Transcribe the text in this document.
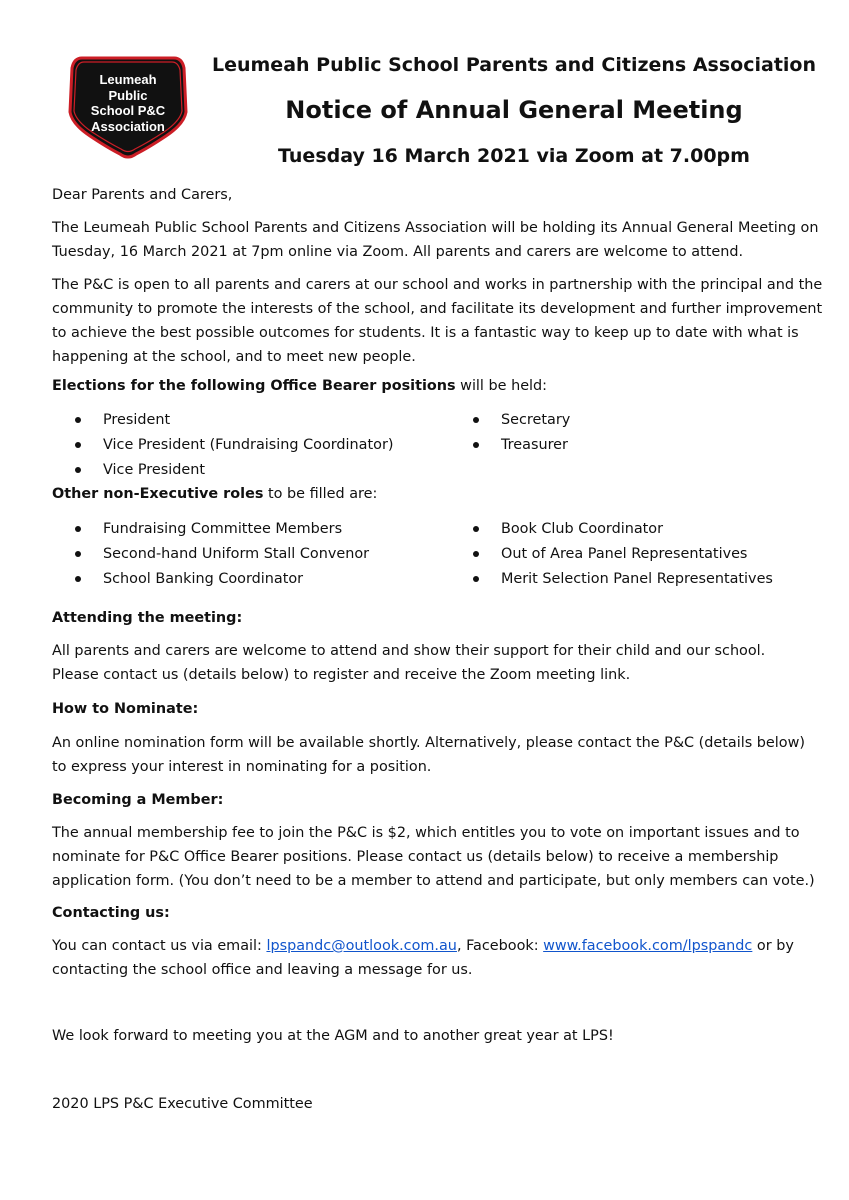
Leumeah
Public
School P&C
Association
Leumeah Public School Parents and Citizens Association
Notice of Annual General Meeting
Tuesday 16 March 2021 via Zoom at 7.00pm
Dear Parents and Carers,
The Leumeah Public School Parents and Citizens Association will be holding its Annual General Meeting on
Tuesday, 16 March 2021 at 7pm online via Zoom. All parents and carers are welcome to attend.
The P&C is open to all parents and carers at our school and works in partnership with the principal and the
community to promote the interests of the school, and facilitate its development and further improvement
to achieve the best possible outcomes for students. It is a fantastic way to keep up to date with what is
happening at the school, and to meet new people.
Elections for the following Office Bearer positions will be held:
President
Vice President (Fundraising Coordinator)
Vice President
Secretary
Treasurer
Other non-Executive roles to be filled are:
Fundraising Committee Members
Second-hand Uniform Stall Convenor
School Banking Coordinator
Book Club Coordinator
Out of Area Panel Representatives
Merit Selection Panel Representatives
Attending the meeting:
All parents and carers are welcome to attend and show their support for their child and our school.
Please contact us (details below) to register and receive the Zoom meeting link.
How to Nominate:
An online nomination form will be available shortly. Alternatively, please contact the P&C (details below)
to express your interest in nominating for a position.
Becoming a Member:
The annual membership fee to join the P&C is $2, which entitles you to vote on important issues and to
nominate for P&C Office Bearer positions. Please contact us (details below) to receive a membership
application form. (You don’t need to be a member to attend and participate, but only members can vote.)
Contacting us:
You can contact us via email: lpspandc@outlook.com.au, Facebook: www.facebook.com/lpspandc or by
contacting the school office and leaving a message for us.
We look forward to meeting you at the AGM and to another great year at LPS!
2020 LPS P&C Executive Committee
